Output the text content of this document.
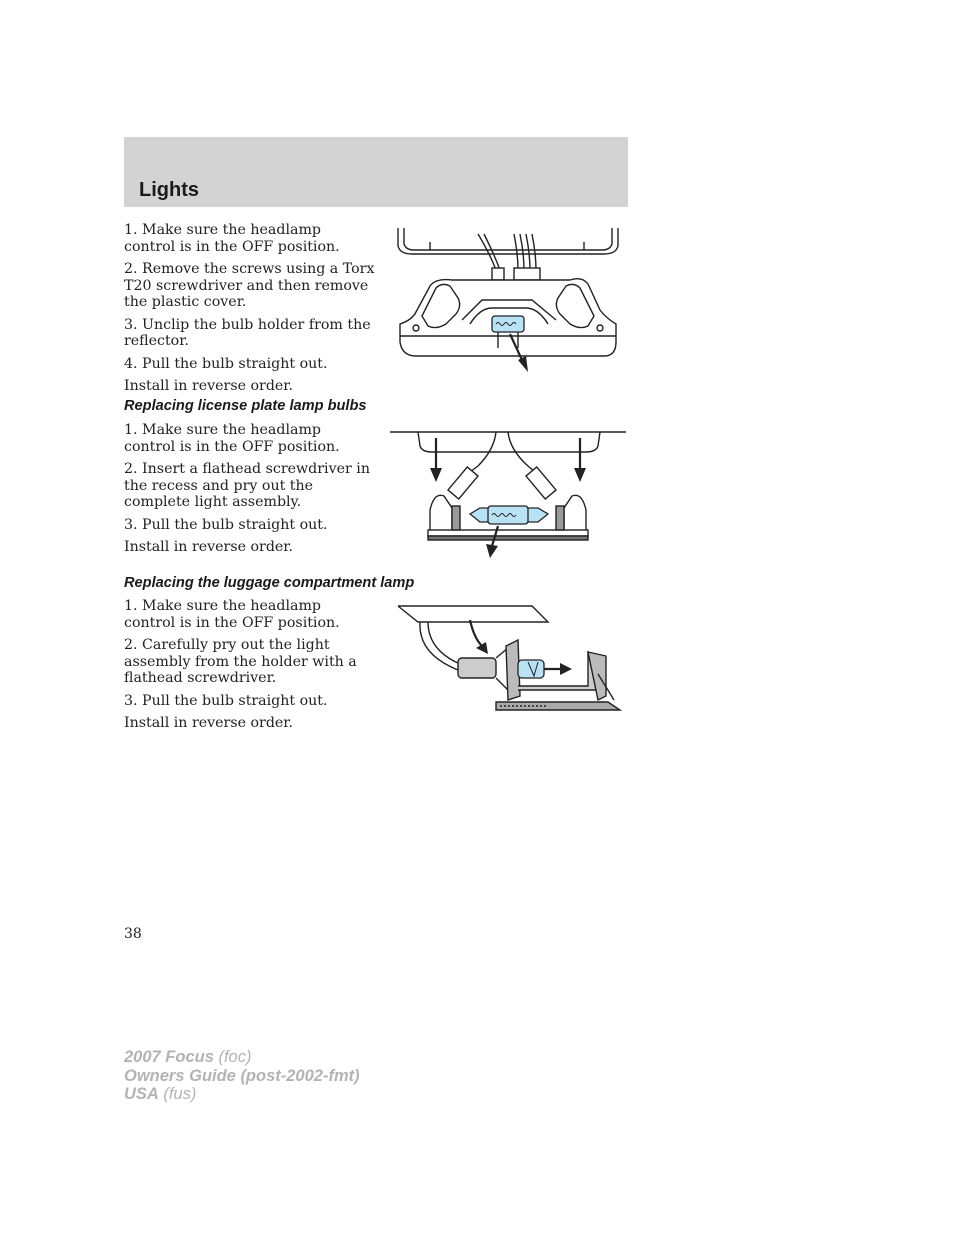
Lights

1. Make sure the headlamp control is in the OFF position.

2. Remove the screws using a Torx T20 screwdriver and then remove the plastic cover.

3. Unclip the bulb holder from the reflector.

4. Pull the bulb straight out.

Install in reverse order.

Replacing license plate lamp bulbs

1. Make sure the headlamp control is in the OFF position.

2. Insert a flathead screwdriver in the recess and pry out the complete light assembly.

3. Pull the bulb straight out.

Install in reverse order.

Replacing the luggage compartment lamp

1. Make sure the headlamp control is in the OFF position.

2. Carefully pry out the light assembly from the holder with a flathead screwdriver.

3. Pull the bulb straight out.

Install in reverse order.

38
2007 Focus (foc)
Owners Guide (post-2002-fmt)
USA (fus)
